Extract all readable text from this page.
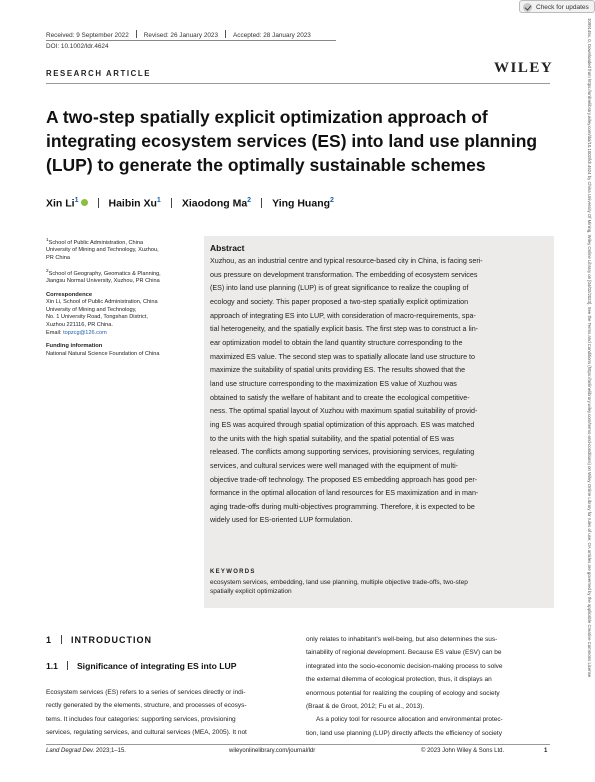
Check for updates
1099145x, 0, Downloaded from https://onlinelibrary.wiley.com/doi/10.1002/ldr.4624 by China University Of Mining, Wiley Online Library on [04/02/2023]. See the Terms and Conditions (https://onlinelibrary.wiley.com/terms-and-conditions) on Wiley Online Library for rules of use; OA articles are governed by the applicable Creative Commons License
Received: 9 September 2022 Revised: 26 January 2023 Accepted: 28 January 2023
DOI: 10.1002/ldr.4624
RESEARCH ARTICLE	WILEY
A two-step spatially explicit optimization approach of
integrating ecosystem services (ES) into land use planning
(LUP) to generate the optimally sustainable schemes
Xin Li$^1$	Haibin Xu$^1$ Xiaodong Ma$^2$ Ying Huang$^2$
$^1$School of Public Administration, China
University of Mining and Technology, Xuzhou,
PR China
$^2$School of Geography, Geomatics & Planning,
Jiangsu Normal University, Xuzhou, PR China
Correspondence
Xin Li, School of Public Administration, China
University of Mining and Technology,
No. 1 University Road, Tongshan District,
Xuzhou 221116, PR China.
Email: topzcg@126.com
Funding information
National Natural Science Foundation of China
Abstract
Xuzhou, as an industrial centre and typical resource-based city in China, is facing seri-
ous pressure on development transformation. The embedding of ecosystem services
(ES) into land use planning (LUP) is of great significance to realize the coupling of
ecology and society. This paper proposed a two-step spatially explicit optimization
approach of integrating ES into LUP, with consideration of macro-requirements, spa-
tial heterogeneity, and the spatially explicit basis. The first step was to construct a lin-
ear optimization model to obtain the land quantity structure corresponding to the
maximized ES value. The second step was to spatially allocate land use structure to
maximize the suitability of spatial units providing ES. The results showed that the
land use structure corresponding to the maximization ES value of Xuzhou was
obtained to satisfy the welfare of habitant and to create the ecological competitive-
ness. The optimal spatial layout of Xuzhou with maximum spatial suitability of provid-
ing ES was acquired through spatial optimization of this approach. ES was matched
to the units with the high spatial suitability, and the spatial potential of ES was
released. The conflicts among supporting services, provisioning services, regulating
services, and cultural services were well managed with the equipment of multi-
objective trade-off technology. The proposed ES embedding approach has good per-
formance in the optimal allocation of land resources for ES maximization and in man-
aging trade-offs during multi-objectives programming. Therefore, it is expected to be
widely used for ES-oriented LUP formulation.
KEYWORDS
ecosystem services, embedding, land use planning, multiple objective trade-offs, two-step
spatially explicit optimization
1 INTRODUCTION
1.1 Significance of integrating ES into LUP
Ecosystem services (ES) refers to a series of services directly or indi-
rectly generated by the elements, structure, and processes of ecosys-
tems. It includes four categories: supporting services, provisioning
services, regulating services, and cultural services (MEA, 2005). It not
only relates to inhabitant's well-being, but also determines the sus-
tainability of regional development. Because ES value (ESV) can be
integrated into the socio-economic decision-making process to solve
the external dilemma of ecological protection, thus, it displays an
enormous potential for realizing the coupling of ecology and society
(Braat & de Groot, 2012; Fu et al., 2013).
As a policy tool for resource allocation and environmental protec-
tion, land use planning (LUP) directly affects the efficiency of society
Land Degrad Dev. 2023;1–15.	wileyonlinelibrary.com/journal/ldr	© 2023 John Wiley & Sons Ltd.	1
